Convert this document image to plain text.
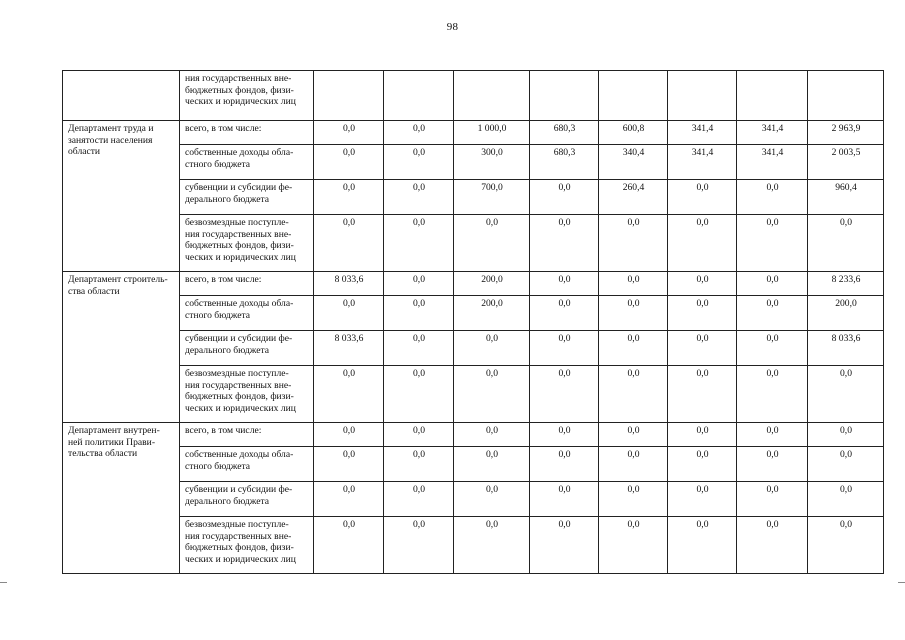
98
	ния государственных вне-
бюджетных фондов, физи-
ческих и юридических лиц								
Департамент труда и
занятости населения
области	всего, в том числе:	0,0	0,0	1 000,0	680,3	600,8	341,4	341,4	2 963,9
	собственные доходы обла-
стного бюджета	0,0	0,0	300,0	680,3	340,4	341,4	341,4	2 003,5
	субвенции и субсидии фе-
дерального бюджета	0,0	0,0	700,0	0,0	260,4	0,0	0,0	960,4
	безвозмездные поступле-
ния государственных вне-
бюджетных фондов, физи-
ческих и юридических лиц	0,0	0,0	0,0	0,0	0,0	0,0	0,0	0,0
Департамент строитель-
ства области	всего, в том числе:	8 033,6	0,0	200,0	0,0	0,0	0,0	0,0	8 233,6
	собственные доходы обла-
стного бюджета	0,0	0,0	200,0	0,0	0,0	0,0	0,0	200,0
	субвенции и субсидии фе-
дерального бюджета	8 033,6	0,0	0,0	0,0	0,0	0,0	0,0	8 033,6
	безвозмездные поступле-
ния государственных вне-
бюджетных фондов, физи-
ческих и юридических лиц	0,0	0,0	0,0	0,0	0,0	0,0	0,0	0,0
Департамент внутрен-
ней политики Прави-
тельства области	всего, в том числе:	0,0	0,0	0,0	0,0	0,0	0,0	0,0	0,0
	собственные доходы обла-
стного бюджета	0,0	0,0	0,0	0,0	0,0	0,0	0,0	0,0
	субвенции и субсидии фе-
дерального бюджета	0,0	0,0	0,0	0,0	0,0	0,0	0,0	0,0
	безвозмездные поступле-
ния государственных вне-
бюджетных фондов, физи-
ческих и юридических лиц	0,0	0,0	0,0	0,0	0,0	0,0	0,0	0,0
